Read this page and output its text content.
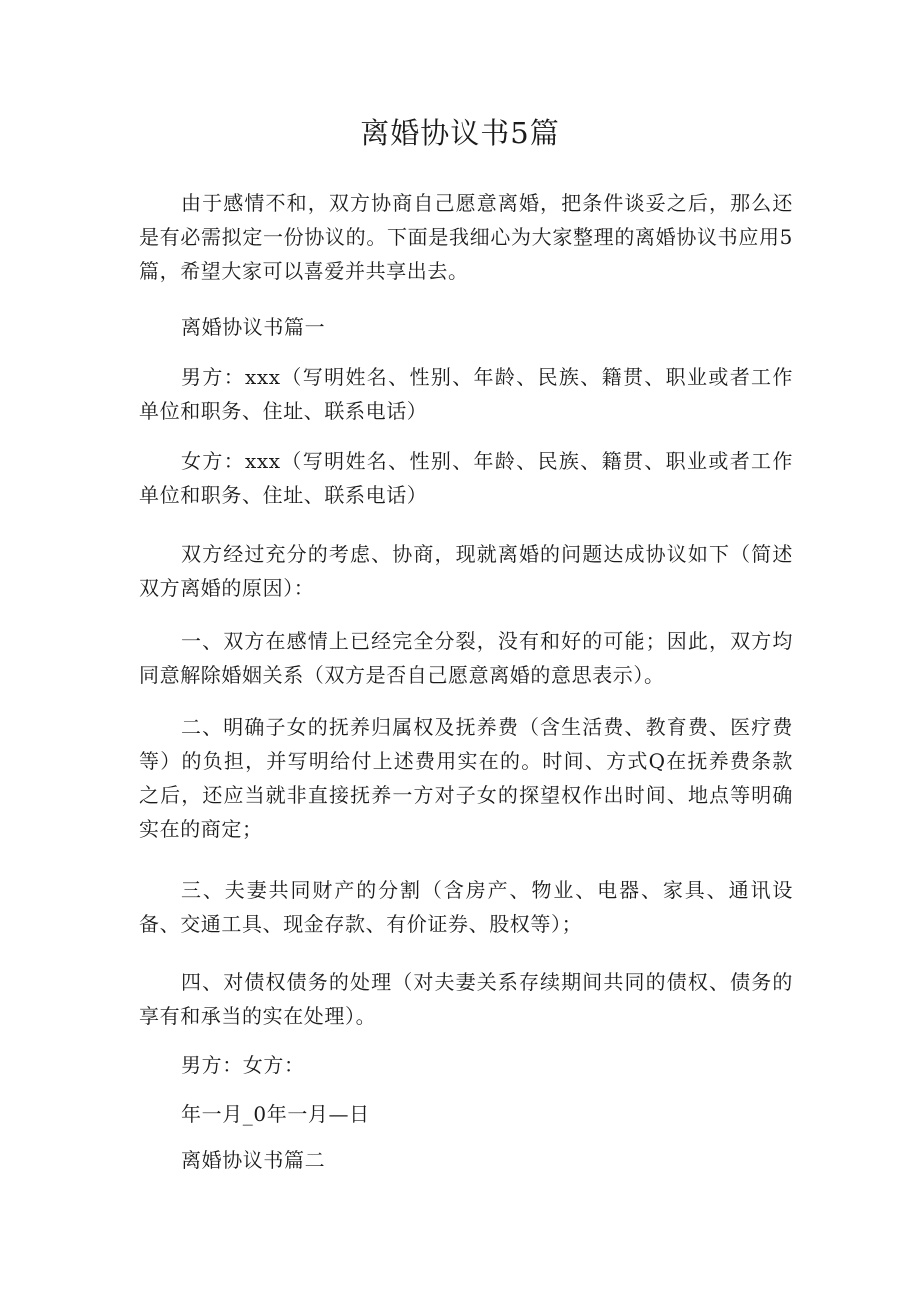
离婚协议书5篇

由于感情不和，双方协商自己愿意离婚，把条件谈妥之后，那么还是有必需拟定一份协议的。下面是我细心为大家整理的离婚协议书应用5篇，希望大家可以喜爱并共享出去。

离婚协议书篇一

男方：xxx（写明姓名、性别、年龄、民族、籍贯、职业或者工作单位和职务、住址、联系电话）

女方：xxx（写明姓名、性别、年龄、民族、籍贯、职业或者工作单位和职务、住址、联系电话）

双方经过充分的考虑、协商，现就离婚的问题达成协议如下（简述双方离婚的原因）：

一、双方在感情上已经完全分裂，没有和好的可能；因此，双方均同意解除婚姻关系（双方是否自己愿意离婚的意思表示）。

二、明确子女的抚养归属权及抚养费（含生活费、教育费、医疗费等）的负担，并写明给付上述费用实在的。时间、方式Q在抚养费条款之后，还应当就非直接抚养一方对子女的探望权作出时间、地点等明确实在的商定；

三、夫妻共同财产的分割（含房产、物业、电器、家具、通讯设备、交通工具、现金存款、有价证券、股权等）；

四、对债权债务的处理（对夫妻关系存续期间共同的债权、债务的享有和承当的实在处理）。

男方：女方：

年一月_0年一月—日

离婚协议书篇二
